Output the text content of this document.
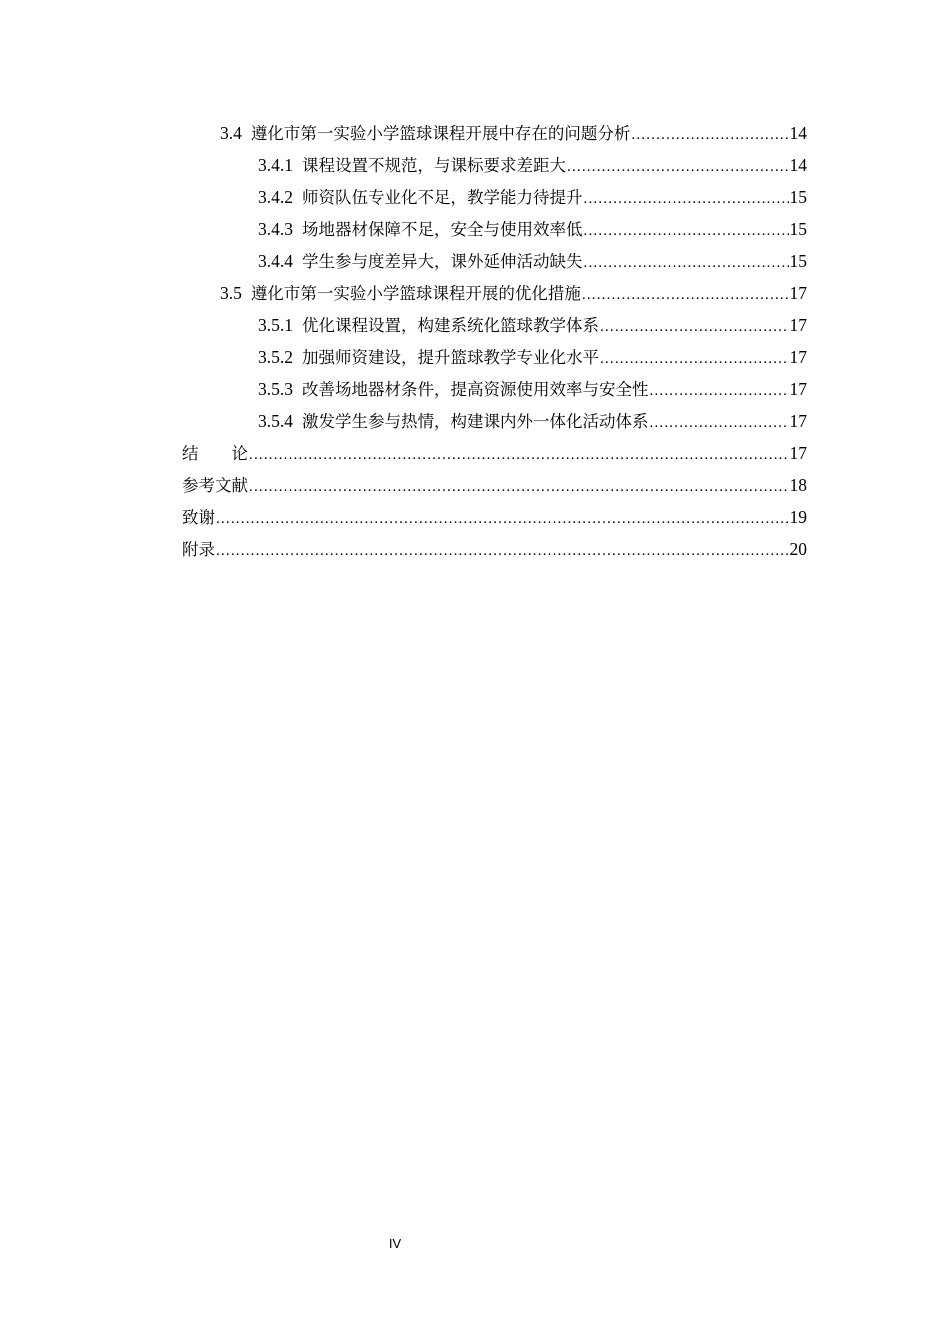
3.4 遵化市第一实验小学篮球课程开展中存在的问题分析 .....	14
3.4.1 课程设置不规范，与课标要求差距大 .....	14
3.4.2 师资队伍专业化不足，教学能力待提升 .....	15
3.4.3 场地器材保障不足，安全与使用效率低 .....	15
3.4.4 学生参与度差异大，课外延伸活动缺失 .....	15
3.5 遵化市第一实验小学篮球课程开展的优化措施 .....	17
3.5.1 优化课程设置，构建系统化篮球教学体系 .....	17
3.5.2 加强师资建设，提升篮球教学专业化水平 .....	17
3.5.3 改善场地器材条件，提高资源使用效率与安全性 .....	17
3.5.4 激发学生参与热情，构建课内外一体化活动体系 .....	17
结　　论 .....	17
参考文献 .....	18
致谢 .....	19
附录 .....	20
IV
